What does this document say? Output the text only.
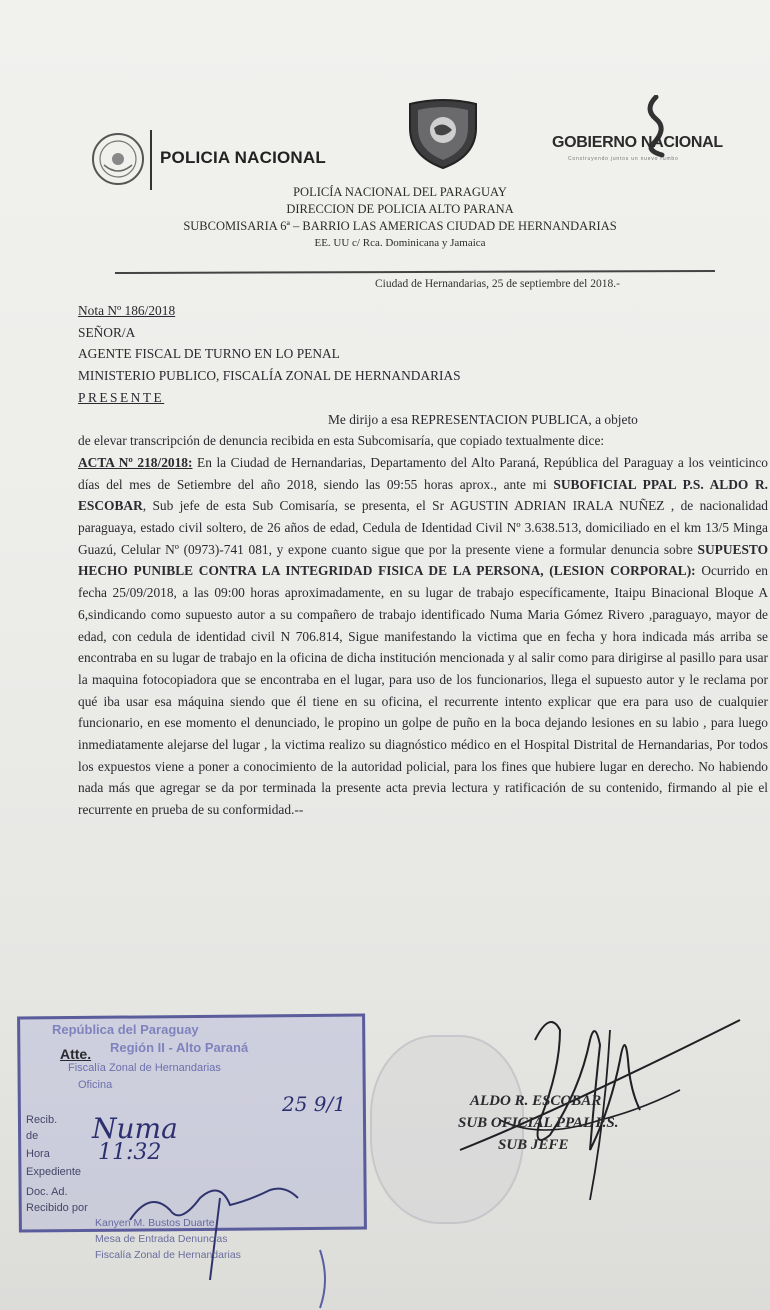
POLICIA NACIONAL
GOBIERNO NACIONAL
Construyendo juntos un nuevo rumbo
POLICÍA NACIONAL DEL PARAGUAY
DIRECCION DE POLICIA ALTO PARANA
SUBCOMISARIA 6ª – BARRIO LAS AMERICAS CIUDAD DE HERNANDARIAS
EE. UU c/ Rca. Dominicana y Jamaica
Ciudad de Hernandarias, 25 de septiembre del 2018.-

Nota Nº 186/2018

SEÑOR/A

AGENTE FISCAL DE TURNO EN LO PENAL

MINISTERIO PUBLICO, FISCALÍA ZONAL DE HERNANDARIAS

PRESENTE

Me dirijo a esa REPRESENTACION PUBLICA, a objeto

de elevar transcripción de denuncia recibida en esta Subcomisaría, que copiado textualmente dice:

ACTA Nº 218/2018: En la Ciudad de Hernandarias, Departamento del Alto Paraná, República del Paraguay a los veinticinco días del mes de Setiembre del año 2018, siendo las 09:55 horas aprox., ante mi SUBOFICIAL PPAL P.S. ALDO R. ESCOBAR, Sub jefe de esta Sub Comisaría, se presenta, el Sr AGUSTIN ADRIAN IRALA NUÑEZ , de nacionalidad paraguaya, estado civil soltero, de 26 años de edad, Cedula de Identidad Civil Nº 3.638.513, domiciliado en el km 13/5 Minga Guazú, Celular Nº (0973)-741 081, y expone cuanto sigue que por la presente viene a formular denuncia sobre SUPUESTO HECHO PUNIBLE CONTRA LA INTEGRIDAD FISICA DE LA PERSONA, (LESION CORPORAL): Ocurrido en fecha 25/09/2018, a las 09:00 horas aproximadamente, en su lugar de trabajo específicamente, Itaipu Binacional Bloque A 6,sindicando como supuesto autor a su compañero de trabajo identificado Numa Maria Gómez Rivero ,paraguayo, mayor de edad, con cedula de identidad civil N 706.814, Sigue manifestando la victima que en fecha y hora indicada más arriba se encontraba en su lugar de trabajo en la oficina de dicha institución mencionada y al salir como para dirigirse al pasillo para usar la maquina fotocopiadora que se encontraba en el lugar, para uso de los funcionarios, llega el supuesto autor y le reclama por qué iba usar esa máquina siendo que él tiene en su oficina, el recurrente intento explicar que era para uso de cualquier funcionario, en ese momento el denunciado, le propino un golpe de puño en la boca dejando lesiones en su labio , para luego inmediatamente alejarse del lugar , la victima realizo su diagnóstico médico en el Hospital Distrital de Hernandarias, Por todos los expuestos viene a poner a conocimiento de la autoridad policial, para los fines que hubiere lugar en derecho. No habiendo nada más que agregar se da por terminada la presente acta previa lectura y ratificación de su contenido, firmando al pie el recurrente en prueba de su conformidad.--

República del Paraguay
Región II - Alto Paraná
Fiscalía Zonal de Hernandarias
Oficina
Atte.
Recib.
de
Hora
Expediente
Doc. Ad.
Recibido por
Numa
11:32
25 9/1
Kanyen M. Bustos Duarte
Mesa de Entrada Denuncias
Fiscalía Zonal de Hernandarias
ALDO R. ESCOBAR
SUB OFICIAL PPAL P.S.
SUB JEFE
